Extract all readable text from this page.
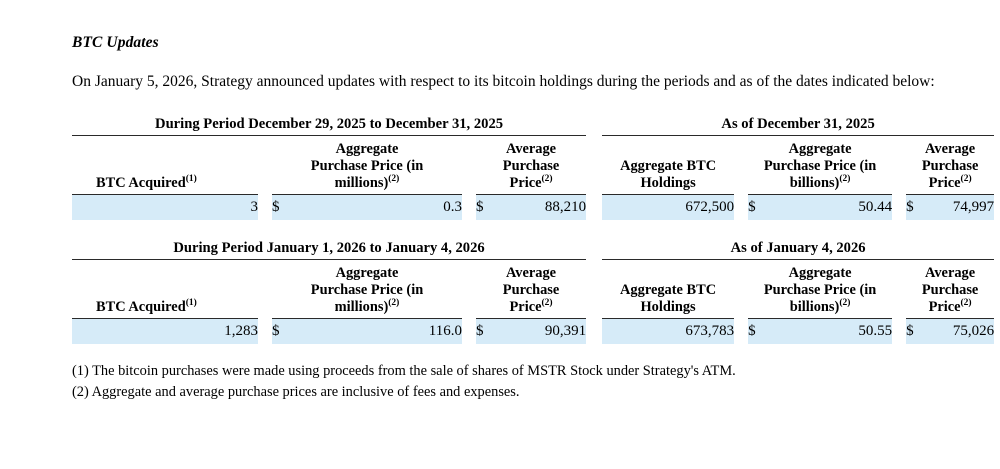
BTC Updates

On January 5, 2026, Strategy announced updates with respect to its bitcoin holdings during the periods and as of the dates indicated below:

During Period December 29, 2025 to December 31, 2025								As of December 31, 2025						
BTC Acquired$^{(1)}$		Aggregate
Purchase Price (in
millions)$^{(2)}$			Average
Purchase
Price$^{(2)}$			Aggregate BTC
Holdings		Aggregate
Purchase Price (in
billions)$^{(2)}$			Average
Purchase
Price$^{(2)}$
3		$	0.3		$	88,210		672,500		$	50.44		$	74,997
During Period January 1, 2026 to January 4, 2026								As of January 4, 2026						
BTC Acquired$^{(1)}$		Aggregate
Purchase Price (in
millions)$^{(2)}$			Average
Purchase
Price$^{(2)}$			Aggregate BTC
Holdings		Aggregate
Purchase Price (in
billions)$^{(2)}$			Average
Purchase
Price$^{(2)}$
1,283		$	116.0		$	90,391		673,783		$	50.55		$	75,026
(1) The bitcoin purchases were made using proceeds from the sale of shares of MSTR Stock under Strategy's ATM.
(2) Aggregate and average purchase prices are inclusive of fees and expenses.
